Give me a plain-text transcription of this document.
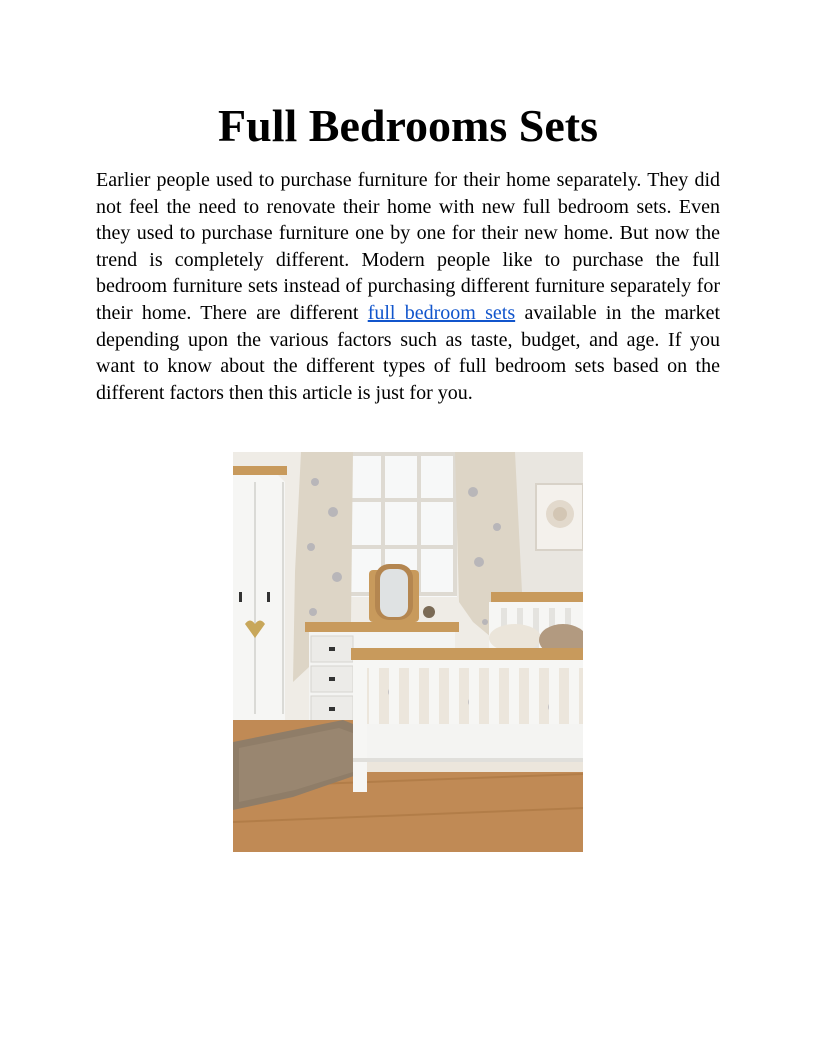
Full Bedrooms Sets

Earlier people used to purchase furniture for their home separately. They did not feel the need to renovate their home with new full bedroom sets. Even they used to purchase furniture one by one for their new home. But now the trend is completely different. Modern people like to purchase the full bedroom furniture sets instead of purchasing different furniture separately for their home. There are different full bedroom sets available in the market depending upon the various factors such as taste, budget, and age. If you want to know about the different types of full bedroom sets based on the different factors then this article is just for you.
